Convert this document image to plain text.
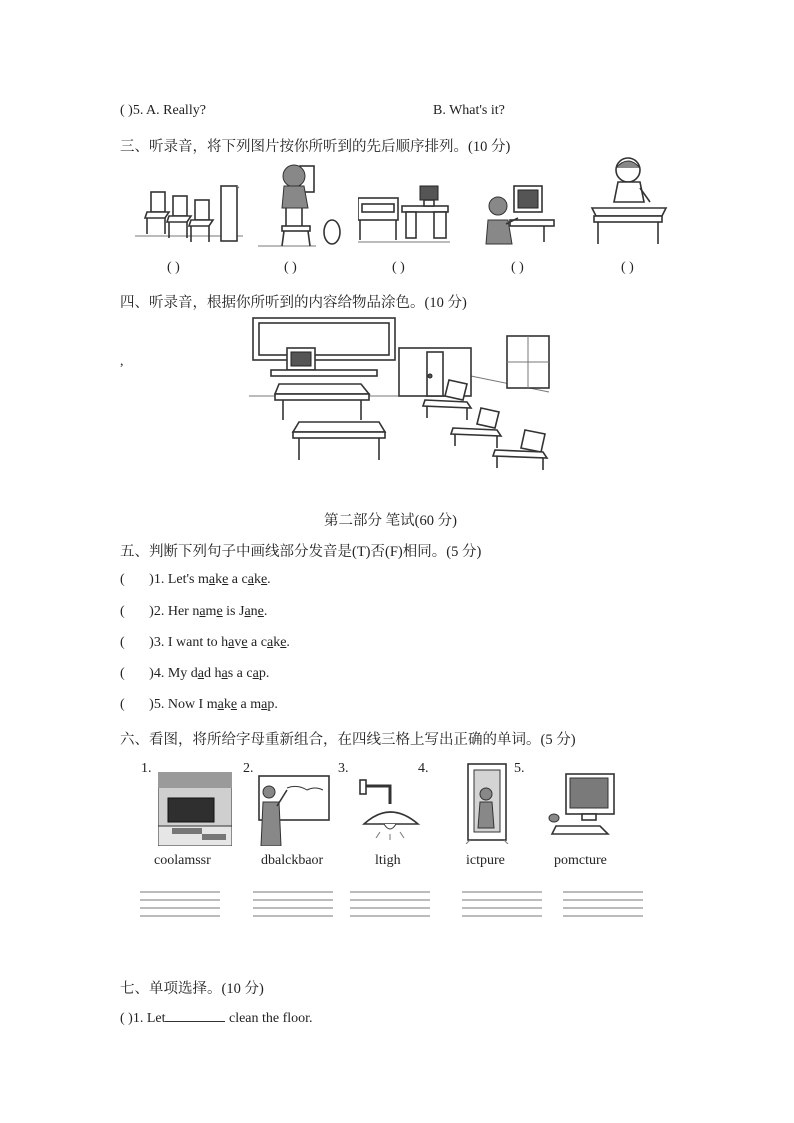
( )5. A. Really?	B. What's it?
三、听录音，将下列图片按你所听到的先后顺序排列。(10 分)
( )	( )	( )	( )	( )
四、听录音，根据你所听到的内容给物品涂色。(10 分)
,
第二部分 笔试(60 分)
五、判断下列句子中画线部分发音是(T)否(F)相同。(5 分)
(       )1. Let's make a cake.
(       )2. Her name is Jane.
(       )3. I want to have a cake.
(       )4. My dad has a cap.
(       )5. Now I make a map.
六、看图，将所给字母重新组合，在四线三格上写出正确的单词。(5 分)
1.	2.	3.	4.	5.
coolamssr	dbalckbaor	ltigh	ictpure	pomcture
七、单项选择。(10 分)
( )1. Let	clean the floor.
